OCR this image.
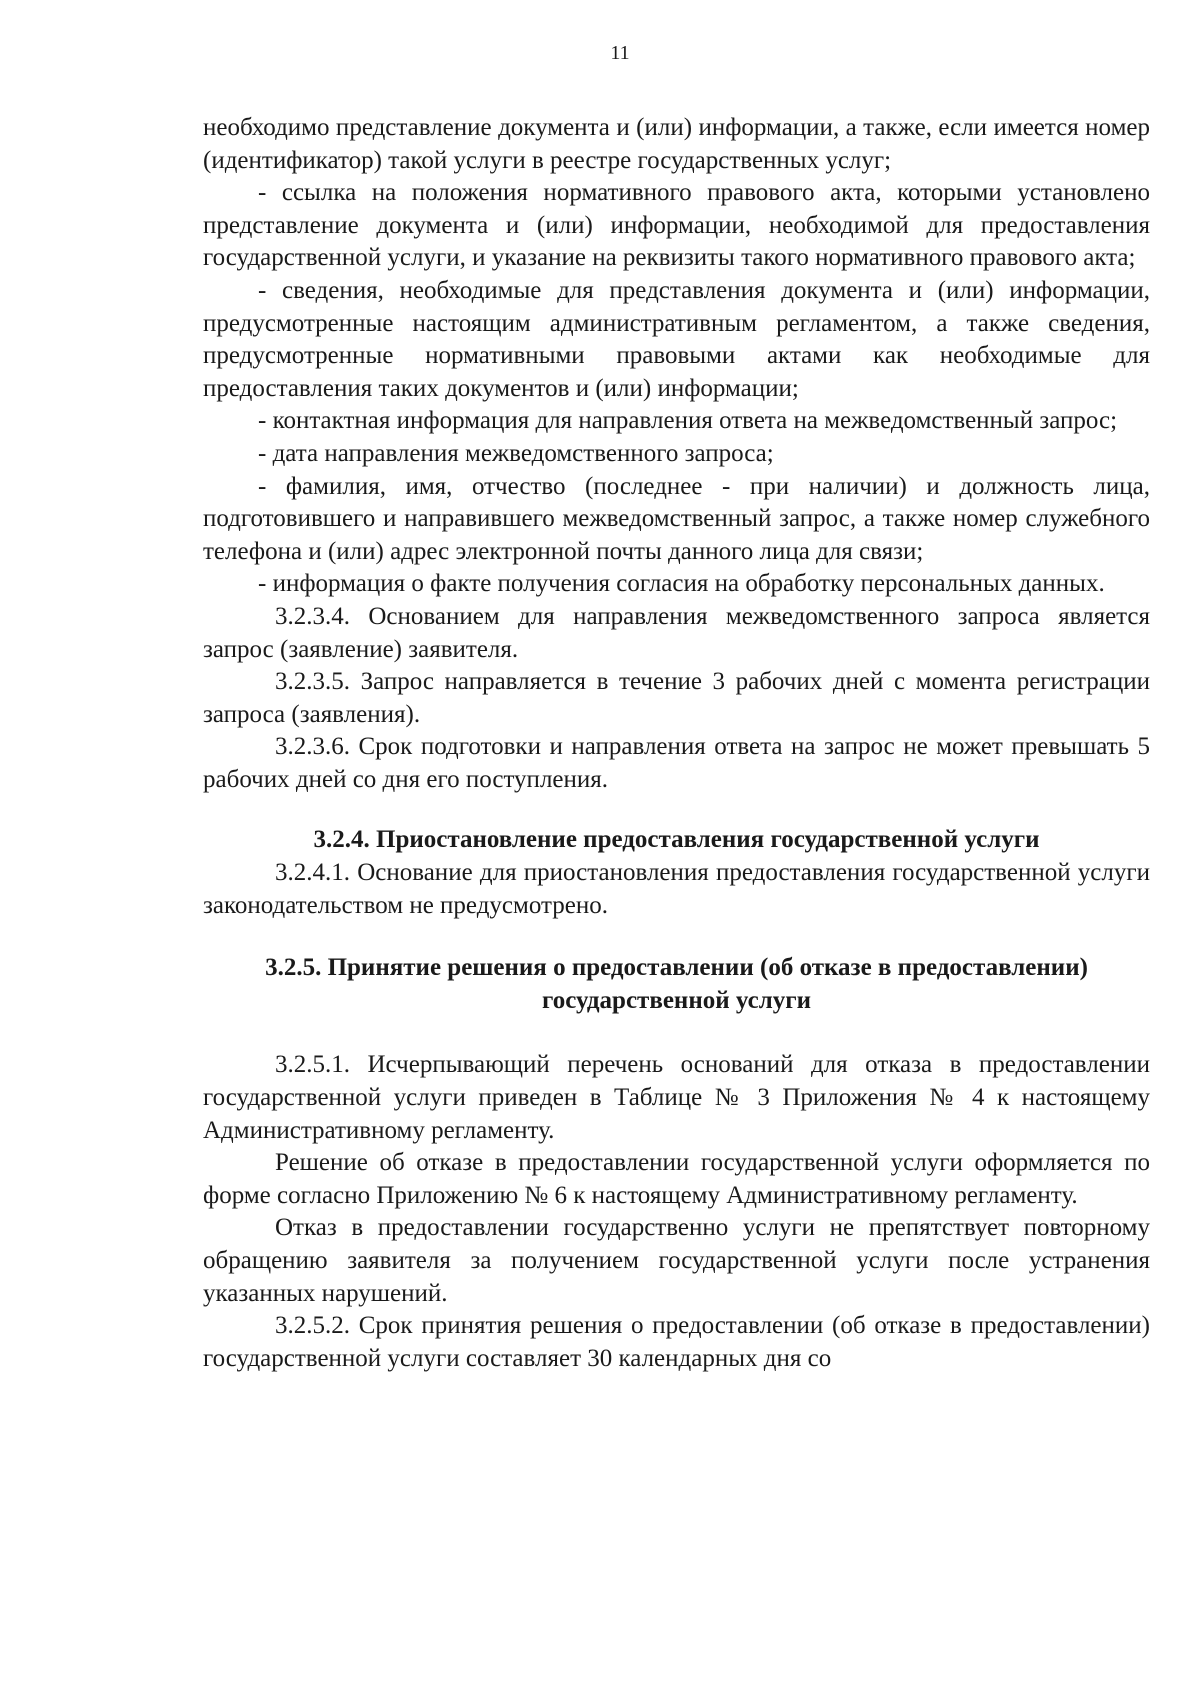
11

необходимо представление документа и (или) информации, а также, если имеется номер (идентификатор) такой услуги в реестре государственных услуг;

- ссылка на положения нормативного правового акта, которыми установлено представление документа и (или) информации, необходимой для предоставления государственной услуги, и указание на реквизиты такого нормативного правового акта;

- сведения, необходимые для представления документа и (или) информации, предусмотренные настоящим административным регламентом, а также сведения, предусмотренные нормативными правовыми актами как необходимые для предоставления таких документов и (или) информации;

- контактная информация для направления ответа на межведомственный запрос;

- дата направления межведомственного запроса;

- фамилия, имя, отчество (последнее - при наличии) и должность лица, подготовившего и направившего межведомственный запрос, а также номер служебного телефона и (или) адрес электронной почты данного лица для связи;

- информация о факте получения согласия на обработку персональных данных.

3.2.3.4. Основанием для направления межведомственного запроса является запрос (заявление) заявителя.

3.2.3.5. Запрос направляется в течение 3 рабочих дней с момента регистрации запроса (заявления).

3.2.3.6. Срок подготовки и направления ответа на запрос не может превышать 5 рабочих дней со дня его поступления.

3.2.4. Приостановление предоставления государственной услуги

3.2.4.1. Основание для приостановления предоставления государственной услуги законодательством не предусмотрено.

3.2.5. Принятие решения о предоставлении (об отказе в предоставлении)
государственной услуги

3.2.5.1. Исчерпывающий перечень оснований для отказа в предоставлении государственной услуги приведен в Таблице № 3 Приложения № 4 к настоящему Административному регламенту.

Решение об отказе в предоставлении государственной услуги оформляется по форме согласно Приложению № 6 к настоящему Административному регламенту.

Отказ в предоставлении государственно услуги не препятствует повторному обращению заявителя за получением государственной услуги после устранения указанных нарушений.

3.2.5.2. Срок принятия решения о предоставлении (об отказе в предоставлении) государственной услуги составляет 30 календарных дня со
